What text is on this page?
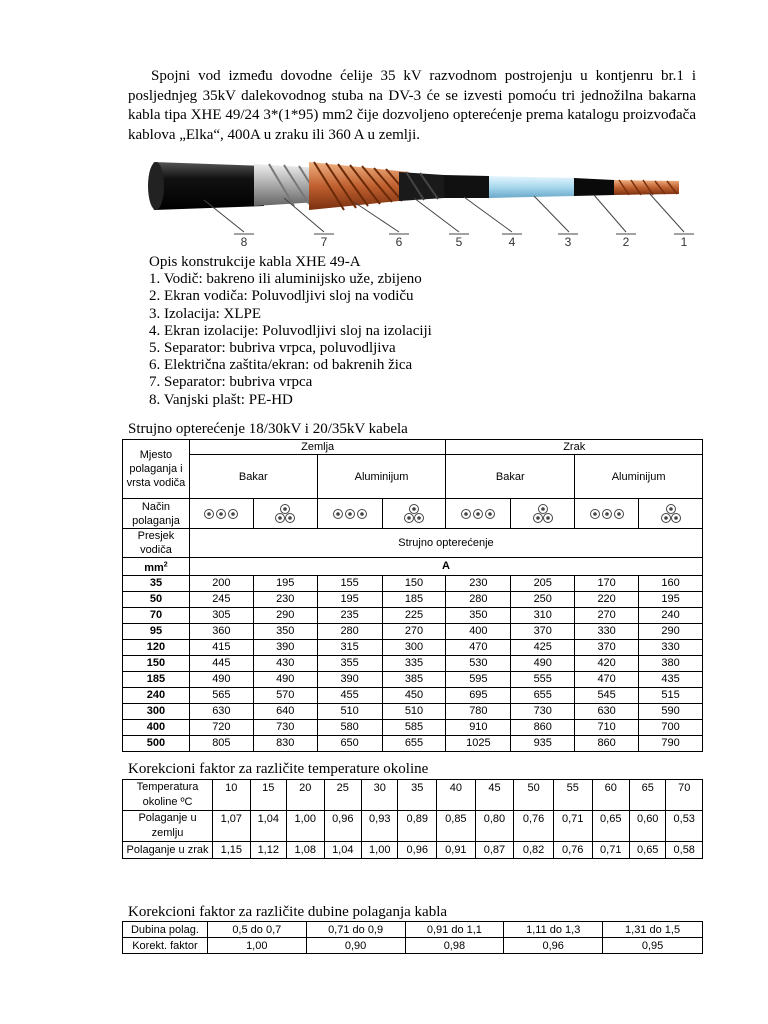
Spojni vod između dovodne ćelije 35 kV razvodnom postrojenju u kontjenru br.1 i posljednjeg 35kV dalekovodnog stuba na DV-3 će se izvesti pomoću tri jednožilna bakarna kabla tipa XHE 49/24 3*(1*95) mm2 čije dozvoljeno opterećenje prema katalogu proizvođača kablova „Elka“, 400A u zraku ili 360 A u zemlji.

8	7	6	5	4	3	2	1
Opis konstrukcije kabla XHE 49-A
1. Vodič: bakreno ili aluminijsko uže, zbijeno
2. Ekran vodiča: Poluvodljivi sloj na vodiču
3. Izolacija: XLPE
4. Ekran izolacije: Poluvodljivi sloj na izolaciji
5. Separator: bubriva vrpca, poluvodljiva
6. Električna zaštita/ekran: od bakrenih žica
7. Separator: bubriva vrpca
8. Vanjski plašt: PE-HD
Strujno opterećenje 18/30kV i 20/35kV kabela
Mjesto polaganja i vrsta vodiča	Zemlja				Zrak			
	Bakar		Aluminijum		Bakar		Aluminijum	
Način polaganja								
Presjek vodiča	Strujno opterećenje							
$mm^2$	A							
35	200	195	155	150	230	205	170	160
50	245	230	195	185	280	250	220	195
70	305	290	235	225	350	310	270	240
95	360	350	280	270	400	370	330	290
120	415	390	315	300	470	425	370	330
150	445	430	355	335	530	490	420	380
185	490	490	390	385	595	555	470	435
240	565	570	455	450	695	655	545	515
300	630	640	510	510	780	730	630	590
400	720	730	580	585	910	860	710	700
500	805	830	650	655	1025	935	860	790
Korekcioni faktor za različite temperature okoline
Temperatura okoline ºC	10	15	20	25	30	35	40	45	50	55	60	65	70
Polaganje u zemlju	1,07	1,04	1,00	0,96	0,93	0,89	0,85	0,80	0,76	0,71	0,65	0,60	0,53
Polaganje u zrak	1,15	1,12	1,08	1,04	1,00	0,96	0,91	0,87	0,82	0,76	0,71	0,65	0,58
Korekcioni faktor za različite dubine polaganja kabla
Dubina polag.	0,5 do 0,7	0,71 do 0,9	0,91 do 1,1	1,11 do 1,3	1,31 do 1,5
Korekt. faktor	1,00	0,90	0,98	0,96	0,95
